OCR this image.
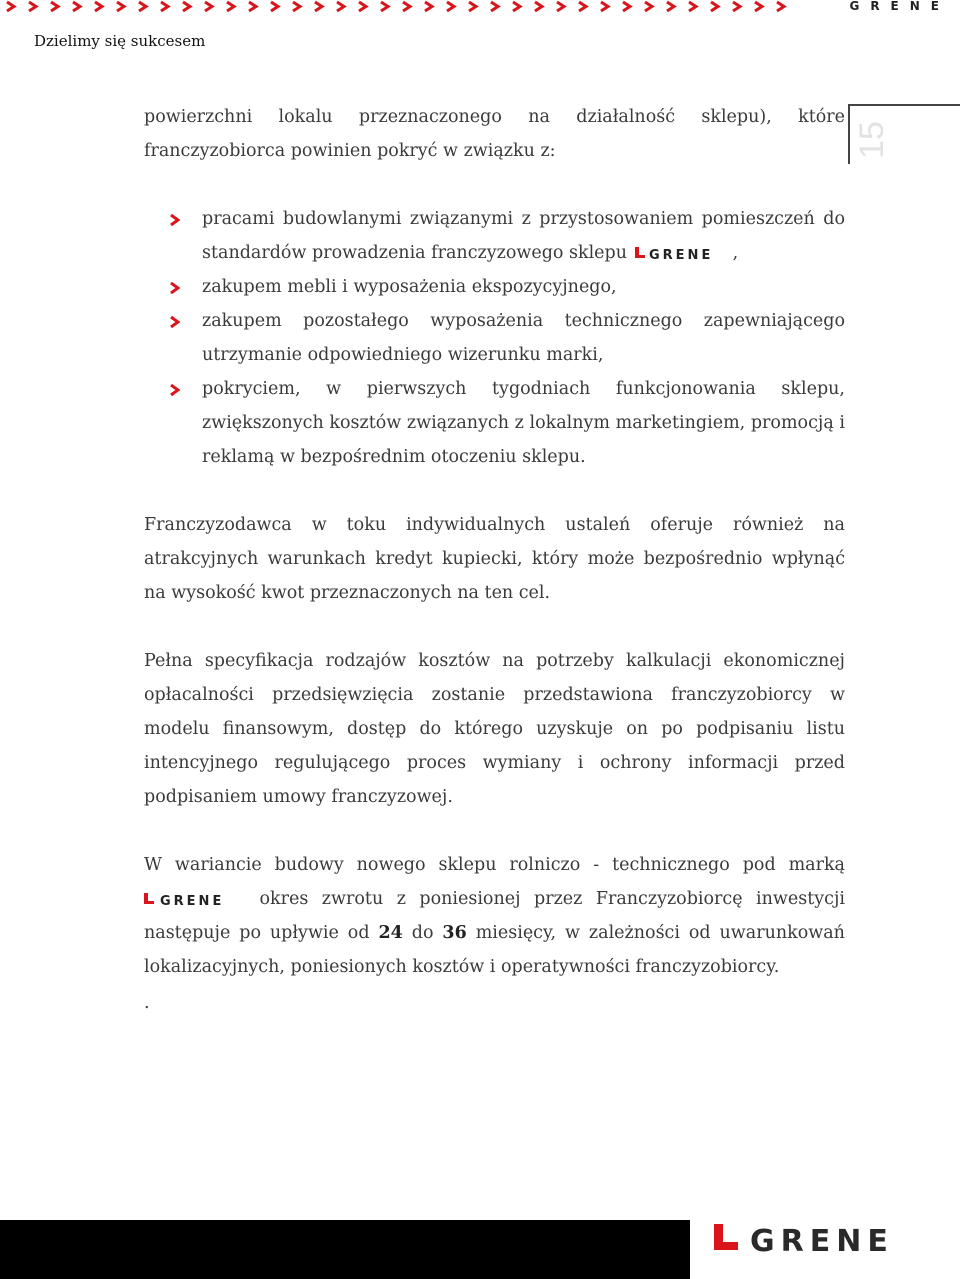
GRENE
Dzielimy się sukcesem
15

powierzchni lokalu przeznaczonego na działalność sklepu), które franczyzobiorca powinien pokryć w związku z:

pracami budowlanymi związanymi z przystosowaniem pomieszczeń do standardów prowadzenia franczyzowego sklepu GRENE ,
zakupem mebli i wyposażenia ekspozycyjnego,
zakupem pozostałego wyposażenia technicznego zapewniającego utrzymanie odpowiedniego wizerunku marki,
pokryciem, w pierwszych tygodniach funkcjonowania sklepu, zwiększonych kosztów związanych z lokalnym marketingiem, promocją i reklamą w bezpośrednim otoczeniu sklepu.

Franczyzodawca w toku indywidualnych ustaleń oferuje również na atrakcyjnych warunkach kredyt kupiecki, który może bezpośrednio wpłynąć na wysokość kwot przeznaczonych na ten cel.

Pełna specyfikacja rodzajów kosztów na potrzeby kalkulacji ekonomicznej opłacalności przedsięwzięcia zostanie przedstawiona franczyzobiorcy w modelu finansowym, dostęp do którego uzyskuje on po podpisaniu listu intencyjnego regulującego proces wymiany i ochrony informacji przed podpisaniem umowy franczyzowej.

W wariancie budowy nowego sklepu rolniczo - technicznego pod marką
GRENE okres zwrotu z poniesionej przez Franczyzobiorcę inwestycji następuje po upływie od 24 do 36 miesięcy, w zależności od uwarunkowań lokalizacyjnych, poniesionych kosztów i operatywności franczyzobiorcy.

.

GRENE
